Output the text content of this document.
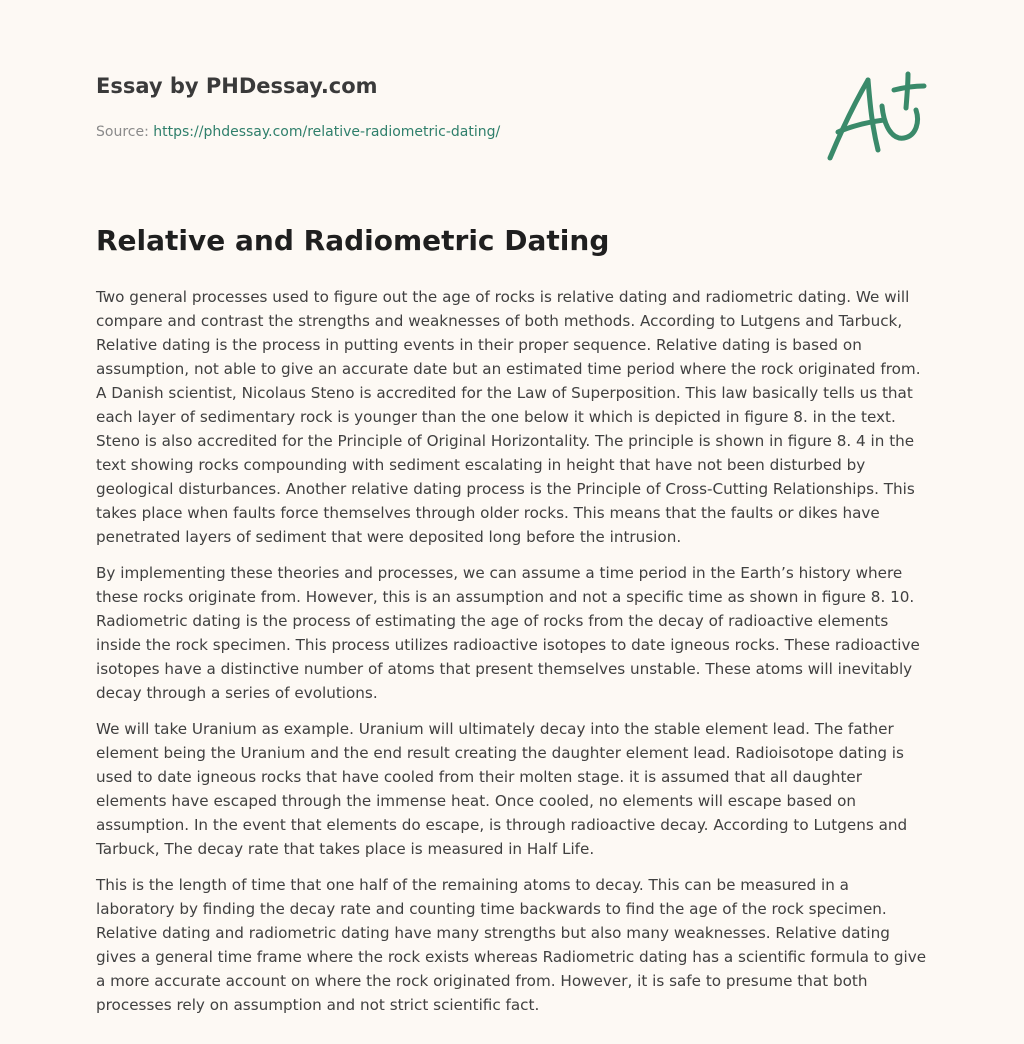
Essay by PHDessay.com
Source: https://phdessay.com/relative-radiometric-dating/
Relative and Radiometric Dating

Two general processes used to figure out the age of rocks is relative dating and radiometric dating. We will compare and contrast the strengths and weaknesses of both methods. According to Lutgens and Tarbuck, Relative dating is the process in putting events in their proper sequence. Relative dating is based on assumption, not able to give an accurate date but an estimated time period where the rock originated from. A Danish scientist, Nicolaus Steno is accredited for the Law of Superposition. This law basically tells us that each layer of sedimentary rock is younger than the one below it which is depicted in figure 8. in the text. Steno is also accredited for the Principle of Original Horizontality. The principle is shown in figure 8. 4 in the text showing rocks compounding with sediment escalating in height that have not been disturbed by geological disturbances. Another relative dating process is the Principle of Cross-Cutting Relationships. This takes place when faults force themselves through older rocks. This means that the faults or dikes have penetrated layers of sediment that were deposited long before the intrusion.

By implementing these theories and processes, we can assume a time period in the Earth’s history where these rocks originate from. However, this is an assumption and not a specific time as shown in figure 8. 10. Radiometric dating is the process of estimating the age of rocks from the decay of radioactive elements inside the rock specimen. This process utilizes radioactive isotopes to date igneous rocks. These radioactive isotopes have a distinctive number of atoms that present themselves unstable. These atoms will inevitably decay through a series of evolutions.

We will take Uranium as example. Uranium will ultimately decay into the stable element lead. The father element being the Uranium and the end result creating the daughter element lead. Radioisotope dating is used to date igneous rocks that have cooled from their molten stage. it is assumed that all daughter elements have escaped through the immense heat. Once cooled, no elements will escape based on assumption. In the event that elements do escape, is through radioactive decay. According to Lutgens and Tarbuck, The decay rate that takes place is measured in Half Life.

This is the length of time that one half of the remaining atoms to decay. This can be measured in a laboratory by finding the decay rate and counting time backwards to find the age of the rock specimen. Relative dating and radiometric dating have many strengths but also many weaknesses. Relative dating gives a general time frame where the rock exists whereas Radiometric dating has a scientific formula to give a more accurate account on where the rock originated from. However, it is safe to presume that both processes rely on assumption and not strict scientific fact.
